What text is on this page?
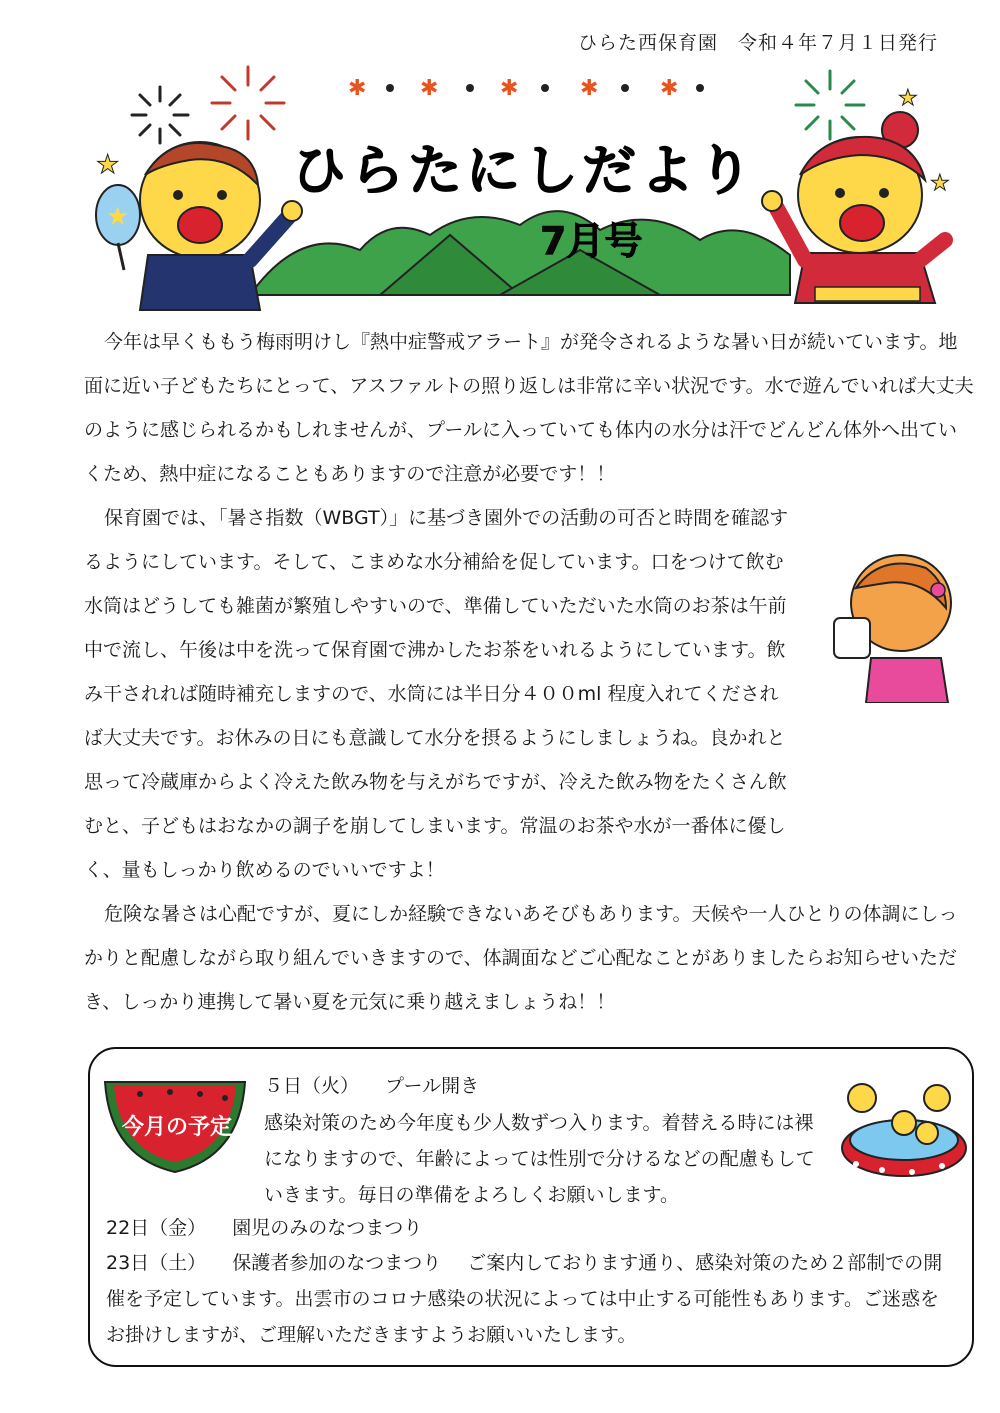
ひらた西保育園　令和４年７月１日発行
✱ ✱	✱	✱	✱
★
★
★
★
ひらたにしだより
7月号

今年は早くももう梅雨明けし『熱中症警戒アラート』が発令されるような暑い日が続いています。地面に近い子どもたちにとって、アスファルトの照り返しは非常に辛い状況です。水で遊んでいれば大丈夫のように感じられるかもしれませんが、プールに入っていても体内の水分は汗でどんどん体外へ出ていくため、熱中症になることもありますので注意が必要です！！

保育園では、「暑さ指数（WBGT）」に基づき園外での活動の可否と時間を確認するようにしています。そして、こまめな水分補給を促しています。口をつけて飲む水筒はどうしても雑菌が繁殖しやすいので、準備していただいた水筒のお茶は午前中で流し、午後は中を洗って保育園で沸かしたお茶をいれるようにしています。飲み干されれば随時補充しますので、水筒には半日分４００ml 程度入れてくだされば大丈夫です。お休みの日にも意識して水分を摂るようにしましょうね。良かれと思って冷蔵庫からよく冷えた飲み物を与えがちですが、冷えた飲み物をたくさん飲むと、子どもはおなかの調子を崩してしまいます。常温のお茶や水が一番体に優しく、量もしっかり飲めるのでいいですよ！

危険な暑さは心配ですが、夏にしか経験できないあそびもあります。天候や一人ひとりの体調にしっかりと配慮しながら取り組んでいきますので、体調面などご心配なことがありましたらお知らせいただき、しっかり連携して暑い夏を元気に乗り越えましょうね！！

今月の予定
５日（火） プール開き
感染対策のため今年度も少人数ずつ入ります。着替える時には裸になりますので、年齢によっては性別で分けるなどの配慮もしていきます。毎日の準備をよろしくお願いします。
22日（金） 園児のみのなつまつり
23日（土） 保護者参加のなつまつり ご案内しております通り、感染対策のため２部制での開催を予定しています。出雲市のコロナ感染の状況によっては中止する可能性もあります。ご迷惑をお掛けしますが、ご理解いただきますようお願いいたします。
